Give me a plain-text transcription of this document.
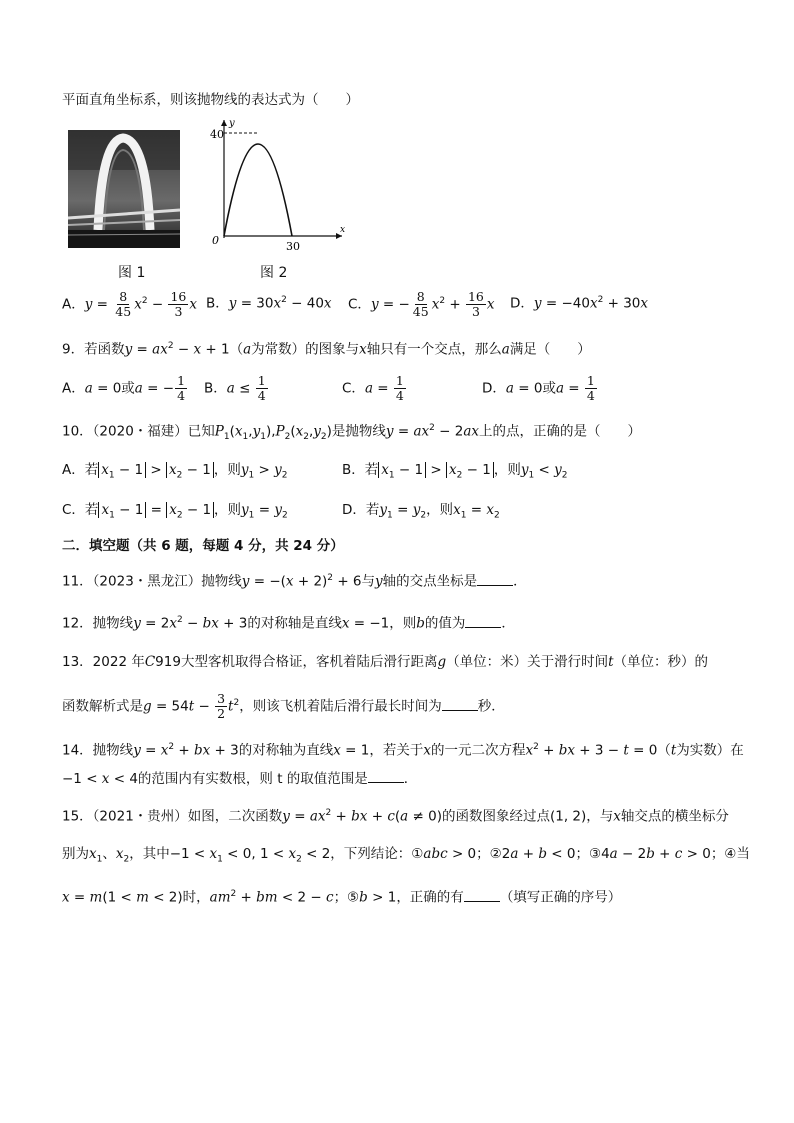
平面直角坐标系，则该抛物线的表达式为（　　）
图 1
y
x
40
0	30
图 2
A．$y = \frac{8}{45} x^2 - \frac{16}{3}$ x B．$y = 30x^2 - 40x$ C．y = − $\frac{8}{45} x^2 + \frac{16}{3}$ x D．$y = -40x^2 + 30x$
9．若函数$y = ax^2 - x + 1(a$为常数）的图象与x轴只有一个交点，那么a满足（　　）
A．a = 0或a = − $\frac{1}{4}$ B．$a \le \frac{1}{4}$	C．$a = \frac{1}{4}$	D．a = 0或$a = \frac{1}{4}$
10．（2020・福建）已知$P_1(x_1,y_1),P_2(x_2,y_2)$是抛物线$y = ax^2 - 2ax$上的点，正确的是（　　）
A．若 $x_1 - 1 > x_2 - 1$ ，则$y_1 > y_2$	B．若 $x_1 - 1 > x_2 - 1$ ，则$y_1 < y_2$
C．若 $x_1 - 1 = x_2 - 1$ ，则$y_1 = y_2$	D．若$y_1 = y_2$，则$x_1 = x_2$
二．填空题（共 6 题，每题 4 分，共 24 分）
11．（2023・黑龙江）抛物线$y = -(x + 2)^2 + 6$与y轴的交点坐标是	．
12．抛物线$y = 2x^2$ − bx + 3的对称轴是直线x = −1，则b的值为	．
13．2022 年C919大型客机取得合格证，客机着陆后滑行距离g（单位：米）关于滑行时间t（单位：秒）的
函数解析式是$g = 54t - \frac{3}{2} t^2$，则该飞机着陆后滑行最长时间为	秒．
14．抛物线$y = x^2$ + bx + 3的对称轴为直线x = 1，若关于x的一元二次方程$x^2$ + bx + 3 − t = 0（t为实数）在
−1 < x < 4的范围内有实数根，则 t 的取值范围是	．
15．（2021・贵州）如图，二次函数$y = ax^2$ + bx + c(a ≠ 0)的函数图象经过点(1, 2)，与x轴交点的横坐标分
别为$x_1$、$x_2$，其中$-1 < x_1 < 0$, $1 < x_2 < 2$，下列结论：①abc > 0；②2a + b < 0；③4a − 2b + c > 0；④当
x = m(1 < m < 2)时，$am^2$ + bm < 2 − c；⑤b > 1，正确的有	（填写正确的序号）
